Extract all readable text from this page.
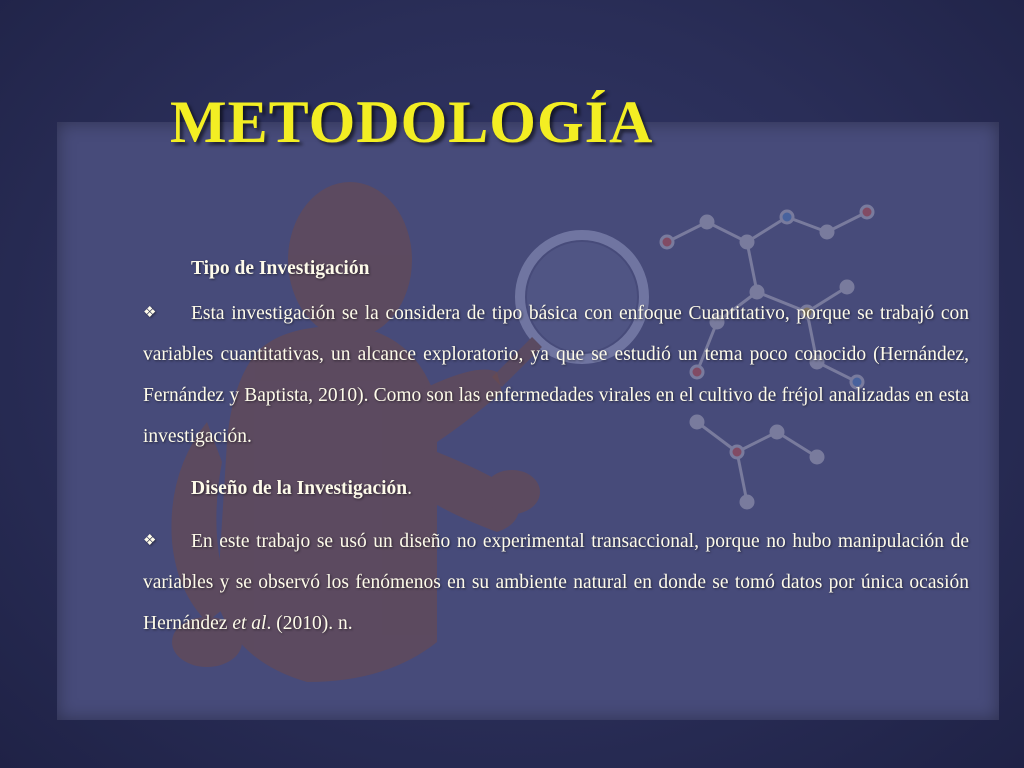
METODOLOGÍA

Tipo de Investigación

❖ Esta investigación se la considera de tipo básica con enfoque Cuantitativo, porque se trabajó con variables cuantitativas, un alcance exploratorio, ya que se estudió un tema poco conocido (Hernández, Fernández y Baptista, 2010). Como son las enfermedades virales en el cultivo de fréjol analizadas en esta investigación.

Diseño de la Investigación.

❖ En este trabajo se usó un diseño no experimental transaccional, porque no hubo manipulación de variables y se observó los fenómenos en su ambiente natural en donde se tomó datos por única ocasión Hernández et al. (2010). n.
